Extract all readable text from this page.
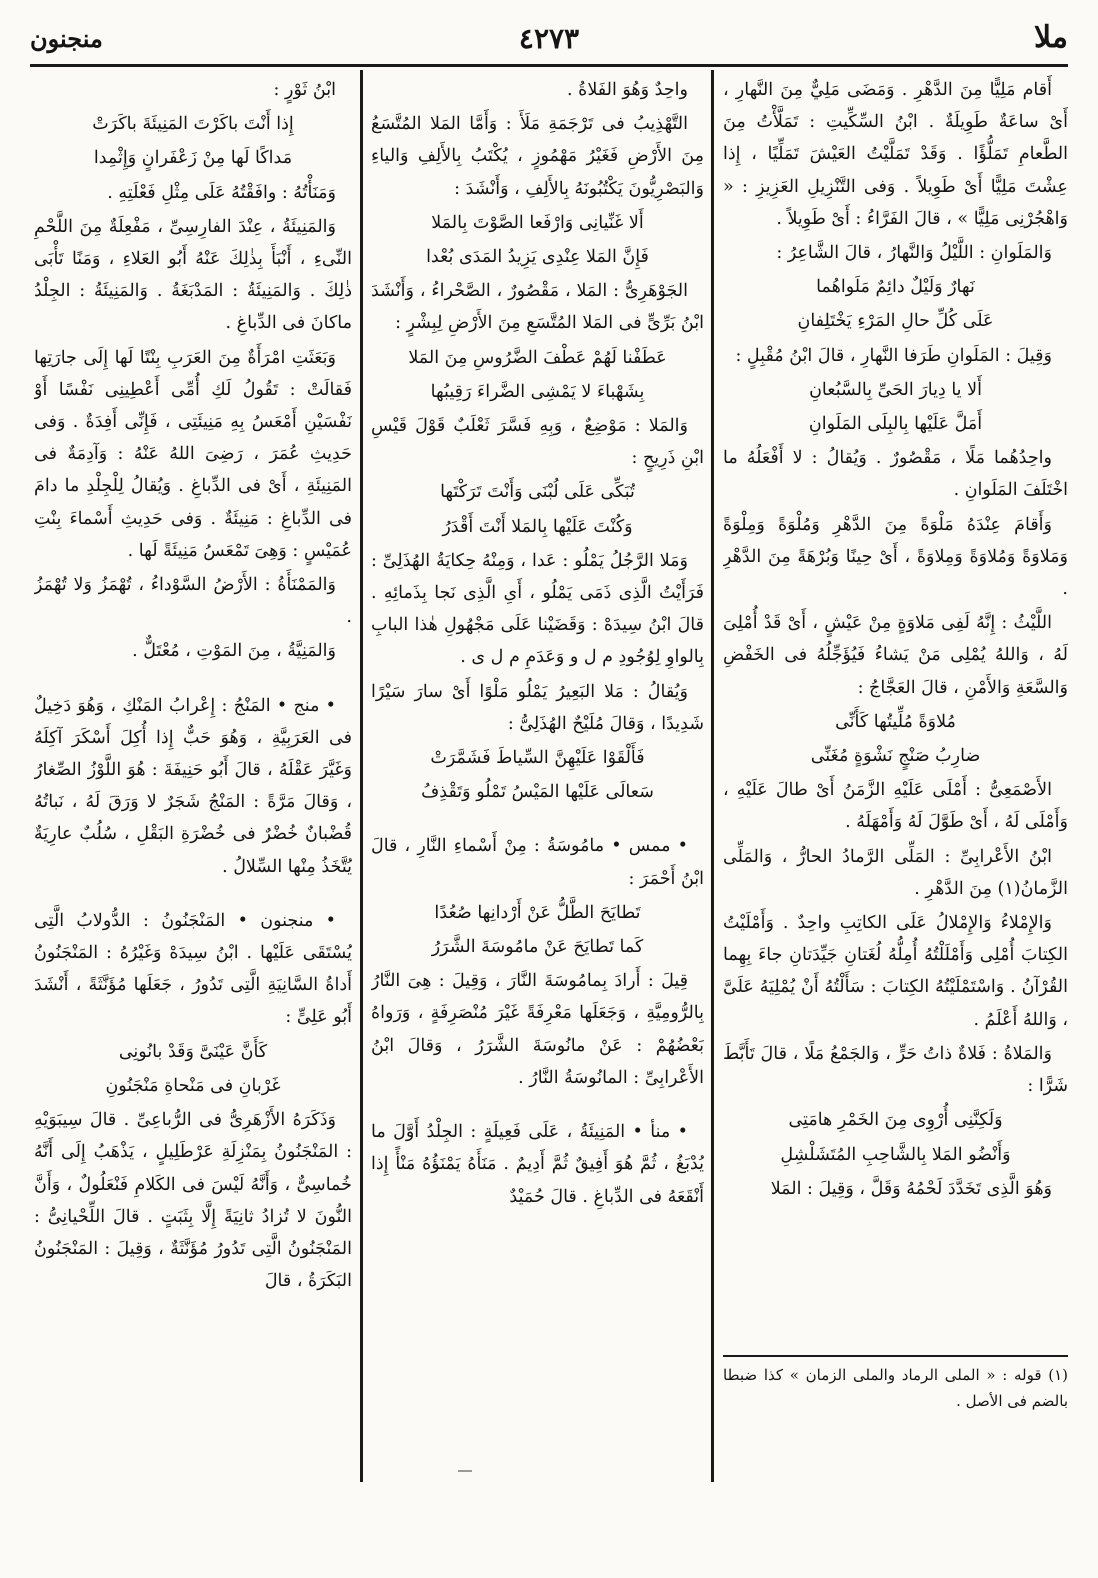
ملا
٤٢٧٣
منجنون

أَقام مَلِيًّا مِنَ الدَّهْرِ . وَمَضَى مَلِيٌّ مِنَ النَّهارِ ، أَىْ ساعَةٌ طَوِيلَةٌ . ابْنُ السِّكِّيتِ : تَمَلَّأْتُ مِنَ الطَّعامِ تَمَلُّؤًا . وَقَدْ تَمَلَّيْتُ العَيْشَ تَمَلِّيًا ، إِذا عِشْتَ مَلِيًّا أَىْ طَوِيلاً . وَفى التَّنْزِيلِ العَزِيزِ : « وَاهْجُرْنِى مَلِيًّا » ، قالَ الفَرَّاءُ : أَىْ طَوِيلاً .

وَالمَلَوانِ : اللَّيْلُ وَالنَّهارُ ، قالَ الشَّاعِرُ :

نَهارٌ وَلَيْلٌ دائِمٌ مَلَواهُما

عَلَى كُلِّ حالِ المَرْءِ يَخْتَلِفانِ

وَقِيلَ : المَلَوانِ طَرَفا النَّهارِ ، قالَ ابْنُ مُقْبِلٍ :

أَلا يا دِيارَ الحَىِّ بِالسَّبُعانِ

أَمَلَّ عَلَيْها بِالبِلَى المَلَوانِ

واحِدُهُما مَلًا ، مَقْصُورٌ . وَيُقالُ : لا أَفْعَلُهُ ما اخْتَلَفَ المَلَوانِ .

وَأَقامَ عِنْدَهُ مَلْوَةً مِنَ الدَّهْرِ وَمُلْوَةً وَمِلْوَةً وَمَلاوَةً وَمُلاوَةً وَمِلاوَةً ، أَىْ حِينًا وَبُرْهَةً مِنَ الدَّهْرِ .

اللَّيْثُ : إِنَّهُ لَفِى مَلاوَةٍ مِنْ عَيْشٍ ، أَىْ قَدْ أُمْلِىَ لَهُ ، وَاللهُ يُمْلِى مَنْ يَشاءُ فَيُؤَجِّلُهُ فى الخَفْضِ وَالسَّعَةِ وَالأَمْنِ ، قالَ العَجَّاجُ :

مُلاوَةً مُلِّيتُها كَأَنِّى

ضارِبُ صَنْجٍ نَشْوَةٍ مُغَنِّى

الأَصْمَعِىُّ : أَمْلَى عَلَيْهِ الزَّمَنُ أَىْ طالَ عَلَيْهِ ، وَأَمْلَى لَهُ ، أَىْ طَوَّلَ لَهُ وَأَمْهَلَهُ .

ابْنُ الأَعْرابِىِّ : المَلِّى الرَّمادُ الحارُّ ، وَالمَلِّى الزَّمانُ(١) مِنَ الدَّهْرِ .

وَالإِمْلاءُ وَالإِمْلالُ عَلَى الكاتِبِ واحِدٌ . وَأَمْلَيْتُ الكِتابَ أُمْلِى وَأَمْلَلْتُهُ أُمِلُّهُ لُغَتانِ جَيِّدَتانِ جاءَ بِهِما القُرْآنُ . وَاسْتَمْلَيْتُهُ الكِتابَ : سَأَلْتُهُ أَنْ يُمْلِيَهُ عَلَىَّ ، وَاللهُ أَعْلَمُ .

وَالمَلاةُ : فَلاةٌ ذاتُ حَرٍّ ، وَالجَمْعُ مَلًا ، قالَ تَأَبَّطَ شَرًّا :

وَلَكِنَّنِى أُرْوِى مِنَ الخَمْرِ هامَتِى

وَأَنْضُو المَلا بِالشَّاحِبِ المُتَشَلْشِلِ

وَهُوَ الَّذِى تَخَدَّدَ لَحْمُهُ وَقَلَّ ، وَقِيلَ : المَلا

واحِدٌ وَهُوَ الفَلاةُ .

التَّهْذِيبُ فى تَرْجَمَةِ مَلَأَ : وَأَمَّا المَلا المُتَّسَعُ مِنَ الأَرْضِ فَغَيْرُ مَهْمُوزٍ ، يُكْتَبُ بِالأَلِفِ وَالياءِ وَالبَصْرِيُّونَ يَكْتُبُونَهُ بِالأَلِفِ ، وَأَنْشَدَ :

أَلا غَنِّيانِى وَارْفَعا الصَّوْتَ بِالمَلا

فَإِنَّ المَلا عِنْدِى يَزِيدُ المَدَى بُعْدا

الجَوْهَرِىُّ : المَلا ، مَقْصُورٌ ، الصَّحْراءُ ، وَأَنْشَدَ ابْنُ بَرِّىٍّ فى المَلا المُتَّسَعِ مِنَ الأَرْضِ لِبِشْرٍ :

عَطَفْنا لَهُمْ عَطْفَ الضَّرُوسِ مِنَ المَلا

بِشَهْباءَ لا يَمْشِى الضَّراءَ رَقِيبُها

وَالمَلا : مَوْضِعٌ ، وَبِهِ فَسَّرَ ثَعْلَبٌ قَوْلَ قَيْسِ ابْنِ ذَرِيحٍ :

تُبَكِّى عَلَى لُبْنَى وَأَنْتَ تَرَكْتَها

وَكُنْتَ عَلَيْها بِالمَلا أَنْتَ أَقْدَرُ

وَمَلا الرَّجُلُ يَمْلُو : عَدا ، وَمِنْهُ حِكايَةُ الهُذَلِىِّ : فَرَأَيْتُ الَّذِى ذَمَى يَمْلُو ، أَىِ الَّذِى نَجا بِذَمائِهِ . قالَ ابْنُ سِيدَهْ : وَقَضَيْنا عَلَى مَجْهُولِ هٰذا البابِ بِالواوِ لِوُجُودِ م ل و وَعَدَمِ م ل ى .

وَيُقالُ : مَلا البَعِيرُ يَمْلُو مَلْوًا أَىْ سارَ سَيْرًا شَدِيدًا ، وَقالَ مُلَيْحٌ الهُذَلِىُّ :

فَأَلْقَوْا عَلَيْهِنَّ السِّياطَ فَشَمَّرَتْ

سَعالَى عَلَيْها المَيْسُ تَمْلُو وَتَقْذِفُ

• ممس • مامُوسَةُ : مِنْ أَسْماءِ النَّارِ ، قالَ ابْنُ أَحْمَرَ :

تَطايَحَ الطَّلُّ عَنْ أَرْدانِها صُعُدًا

كَما تَطايَحَ عَنْ مامُوسَةَ الشَّرَرُ

قِيلَ : أَرادَ بِمامُوسَةَ النَّارَ ، وَقِيلَ : هِىَ النَّارُ بِالرُّومِيَّةِ ، وَجَعَلَها مَعْرِفَةً غَيْرَ مُنْصَرِفَةٍ ، وَرَواهُ بَعْضُهُمْ : عَنْ مانُوسَةَ الشَّرَرُ ، وَقالَ ابْنُ الأَعْرابِىِّ : المانُوسَةُ النَّارُ .

• منأ • المَنِيئَةُ ، عَلَى فَعِيلَةٍ : الجِلْدُ أَوَّلَ ما يُدْبَغُ ، ثُمَّ هُوَ أَفِيقٌ ثُمَّ أَدِيمٌ . مَنَأَهُ يَمْنَؤُهُ مَنْأً إِذا أَنْقَعَهُ فى الدِّباغِ . قالَ حُمَيْدٌ

ابْنُ ثَوْرٍ :

إِذا أَنْتَ باكَرْتَ المَنِيئَةَ باكَرَتْ

مَداكًا لَها مِنْ زَعْفَرانٍ وَإِثْمِدا

وَمَنَأْتُهُ : وافَقْتُهُ عَلَى مِثْلِ فَعْلَتِهِ .

وَالمَنِيئَةُ ، عِنْدَ الفارِسِىِّ ، مَفْعِلَةٌ مِنَ اللَّحْمِ النِّىءِ ، أَنْبَأَ بِذٰلِكَ عَنْهُ أَبُو العَلاءِ ، وَمَنًا تَأْبَى ذٰلِكَ . وَالمَنِيئَةُ : المَدْبَغَةُ . وَالمَنِيئَةُ : الجِلْدُ ماكانَ فى الدِّباغِ .

وَبَعَثَتِ امْرَأَةٌ مِنَ العَرَبِ بِنْتًا لَها إِلَى جارَتِها فَقالَتْ : تَقُولُ لَكِ أُمِّى أَعْطِينِى نَفْسًا أَوْ نَفْسَيْنِ أَمْعَسُ بِهِ مَنِيئَتِى ، فَإِنِّى أَفِدَةٌ . وَفى حَدِيثِ عُمَرَ ، رَضِىَ اللهُ عَنْهُ : وَآدِمَةٌ فى المَنِيئَةِ ، أَىْ فى الدِّباغِ . وَيُقالُ لِلْجِلْدِ ما دامَ فى الدِّباغِ : مَنِيئَةٌ . وَفى حَدِيثِ أَسْماءَ بِنْتِ عُمَيْسٍ : وَهِىَ تَمْعَسُ مَنِيئَةً لَها .

وَالمَمْنَأَةُ : الأَرْضُ السَّوْداءُ ، تُهْمَزُ وَلا تُهْمَزُ .

وَالمَنِيَّةُ ، مِنَ المَوْتِ ، مُعْتَلٌّ .

• منج • المَنْجُ : إِعْرابُ المَنْكِ ، وَهُوَ دَخِيلٌ فى العَرَبِيَّةِ ، وَهُوَ حَبٌّ إِذا أُكِلَ أَسْكَرَ آكِلَهُ وَغَيَّرَ عَقْلَهُ ، قالَ أَبُو حَنِيفَةَ : هُوَ اللَّوْزُ الصِّغارُ ، وَقالَ مَرَّةً : المَنْجُ شَجَرٌ لا وَرَقَ لَهُ ، نَباتُهُ قُضْبانٌ خُضْرٌ فى خُضْرَةِ البَقْلِ ، سُلُبٌ عارِيَةٌ يُتَّخَذُ مِنْها السِّلالُ .

• منجنون • المَنْجَنُونُ : الدُّولابُ الَّتِى يُسْتَقَى عَلَيْها . ابْنُ سِيدَهْ وَغَيْرُهُ : المَنْجَنُونُ أَداةُ السَّانِيَةِ الَّتِى تَدُورُ ، جَعَلَها مُؤَنَّثَةً ، أَنْشَدَ أَبُو عَلِىٍّ :

كَأَنَّ عَيْنَىَّ وَقَدْ بانُونِى

غَرْبانِ فى مَنْحاةِ مَنْجَنُونِ

وَذَكَرَهُ الأَزْهَرِىُّ فى الرُّباعِىِّ . قالَ سِيبَوَيْهِ : المَنْجَنُونُ بِمَنْزِلَةِ عَرْطَلِيلٍ ، يَذْهَبُ إِلَى أَنَّهُ خُماسِىٌّ ، وَأَنَّهُ لَيْسَ فى الكَلامِ فَنْعَلُولٌ ، وَأَنَّ النُّونَ لا تُزادُ ثانِيَةً إِلَّا بِثَبَتٍ . قالَ اللِّحْيانِىُّ : المَنْجَنُونُ الَّتِى تَدُورُ مُؤَنَّثَةٌ ، وَقِيلَ : المَنْجَنُونُ البَكَرَةُ ، قالَ

(١) قوله : « الملى الرماد والملى الزمان » كذا ضبطا بالضم فى الأصل .
